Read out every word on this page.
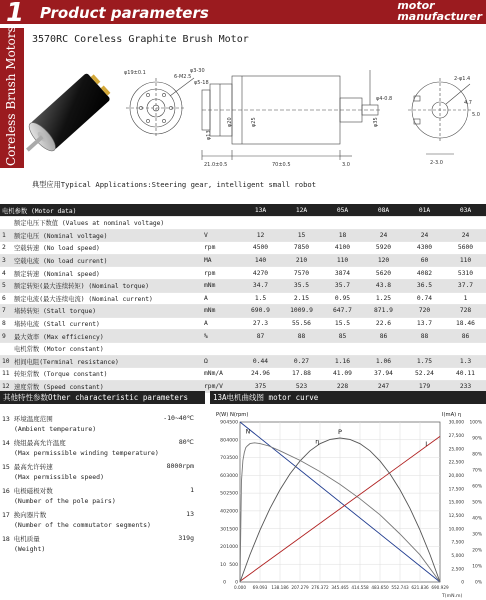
1 Product parameters	motor
manufacturer
Coreless Brush Motors 3570RC Coreless Graphite Brush Motor
φ19±0.1
6-M2.5
φ5-18
φ3-30
φ4-0.8
2-φ1.4
φ13
φ20	φ25	φ35
21.0±0.5	70±0.5	3.0	2-3.0
5.0
4.7
典型应用Typical Applications:Steering gear, intelligent small robot
电机参数 (Motor data)			13A	12A	05A	08A	01A	03A
	额定电压下数值 (Values at nominal voltage)							
1	额定电压 (Nominal voltage)	V	12	15	18	24	24	24
2	空载转速 (No load speed)	rpm	4500	7850	4100	5920	4300	5600
3	空载电流 (No load current)	MA	140	210	110	120	60	110
4	额定转速 (Nominal speed)	rpm	4270	7570	3874	5620	4082	5310
5	额定转矩(最大连续转矩) (Nominal torque)	mNm	34.7	35.5	35.7	43.8	36.5	37.7
6	额定电流(最大连续电流) (Nominal current)	A	1.5	2.15	0.95	1.25	0.74	1
7	堵转转矩 (Stall torque)	mNm	690.9	1009.9	647.7	871.9	720	728
8	堵转电流 (Stall current)	A	27.3	55.56	15.5	22.6	13.7	18.46
9	最大效率 (Max efficiency)	%	87	88	85	86	88	86
	电机常数 (Motor constant)							
10	相间电阻(Terminal resistance)	Ω	0.44	0.27	1.16	1.06	1.75	1.3
11	转矩常数 (Torque constant)	mNm/A	24.96	17.88	41.09	37.94	52.24	40.11
12	速度常数 (Speed constant)	rpm/V	375	523	228	247	179	233
其他特性参数Other characteristic parameters	13A电机曲线图 motor curve
13 环境温度范围
(Ambient temperature)
-10~40℃
14 绕组最高允许温度
(Max permissible winding temperature)
80℃
15 最高允许转速
(Max permissible speed)
8000rpm
16 电极磁极对数
(Number of the pole pairs)
1
17 换向器片数
(Number of the commutator segments)
13
18 电机质量
(Weight)
319g
0 0
10 500
20 1000
30 1500
40 2000
50 2500
60 3000
70 3500
80 4000
90 4500
0.000 69.093 138.186 207.279 276.372 345.465 414.558 483.650 552.743 621.836 690.929
0
2,500
5,000
7,500
10,000
12,500
15,000
17,500
20,000
22,500
25,000
27,500
30,000
0%
10%
20%
30%
40%
50%
60%
70%
80%
90%
100%
P(W) N(rpm)	I(mA) η
T(mN.m)
N
η
P
I
